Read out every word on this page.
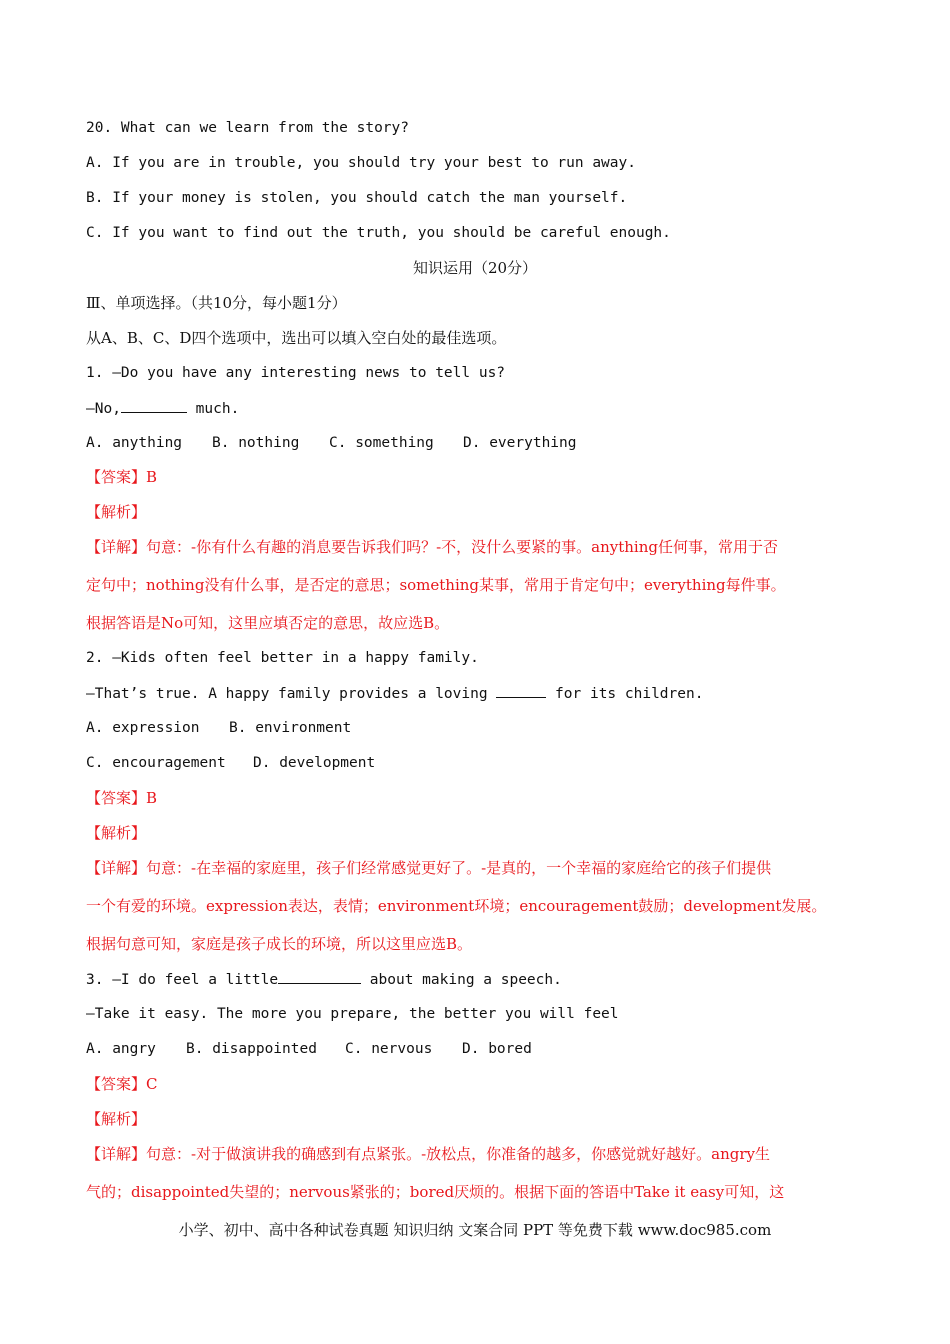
20. What can we learn from the story?
A. If you are in trouble, you should try your best to run away.
B. If your money is stolen, you should catch the man yourself.
C. If you want to find out the truth, you should be careful enough.
知识运用（20分）
Ⅲ、单项选择。（共10分，每小题1分）
从A、B、C、D四个选项中，选出可以填入空白处的最佳选项。
1. —Do you have any interesting news to tell us?
—No,	much.
A. anything B. nothing C. something D. everything
【答案】B
【解析】
【详解】句意：-你有什么有趣的消息要告诉我们吗？-不，没什么要紧的事。anything任何事，常用于否
定句中；nothing没有什么事，是否定的意思；something某事，常用于肯定句中；everything每件事。
根据答语是No可知，这里应填否定的意思，故应选B。
2. —Kids often feel better in a happy family.
—That’s true. A happy family provides a loving	for its children.
A. expression B. environment
C. encouragement D. development
【答案】B
【解析】
【详解】句意：-在幸福的家庭里，孩子们经常感觉更好了。-是真的，一个幸福的家庭给它的孩子们提供
一个有爱的环境。expression表达，表情；environment环境；encouragement鼓励；development发展。
根据句意可知，家庭是孩子成长的环境，所以这里应选B。
3. —I do feel a little	about making a speech.
—Take it easy. The more you prepare, the better you will feel
A. angry B. disappointed C. nervous D. bored
【答案】C
【解析】
【详解】句意：-对于做演讲我的确感到有点紧张。-放松点，你准备的越多，你感觉就好越好。angry生
气的；disappointed失望的；nervous紧张的；bored厌烦的。根据下面的答语中Take it easy可知，这
小学、初中、高中各种试卷真题 知识归纳 文案合同 PPT 等免费下载 www.doc985.com
